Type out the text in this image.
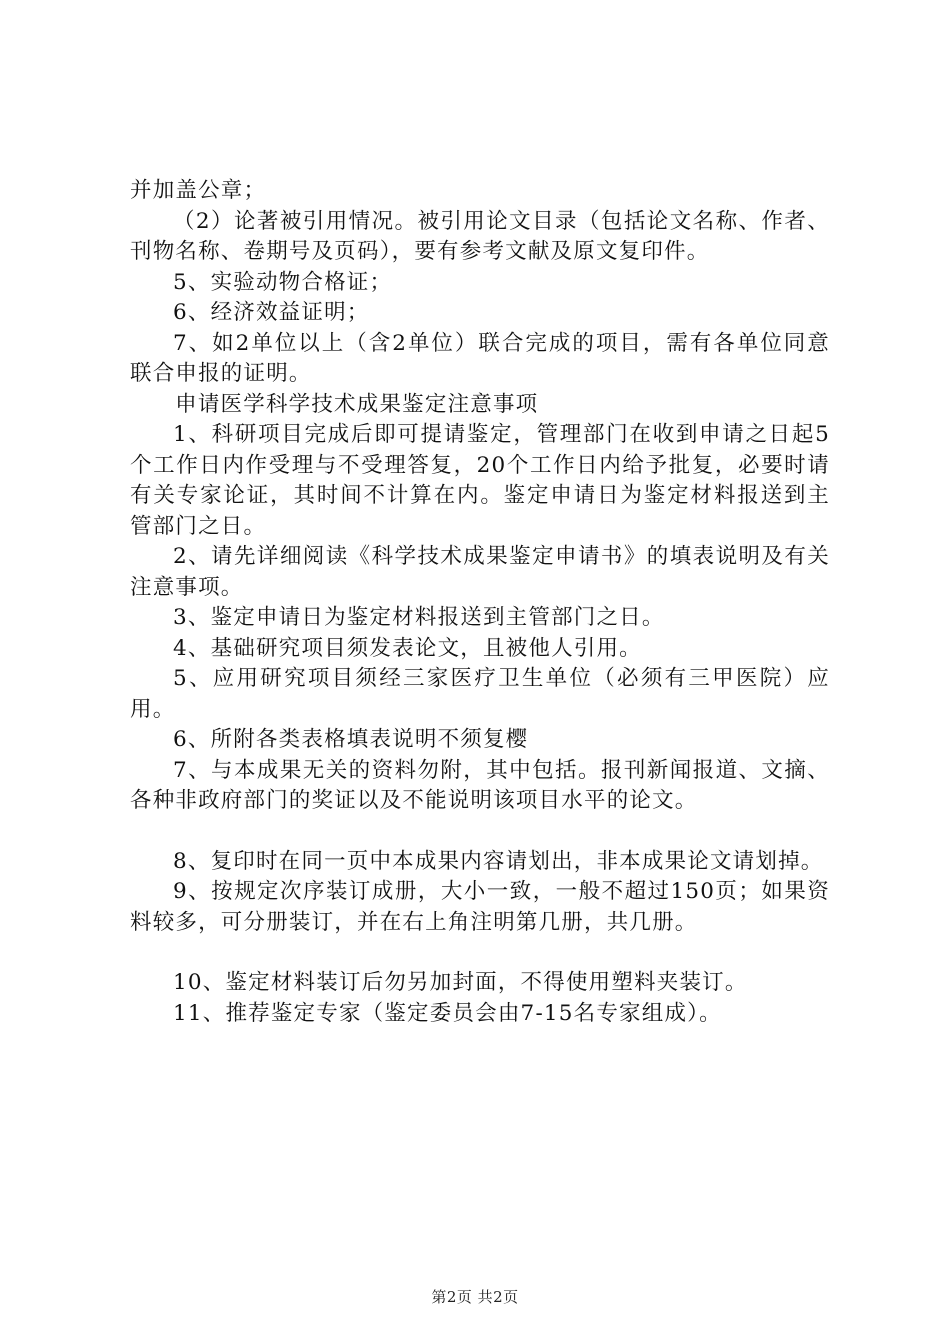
并加盖公章；

（2）论著被引用情况。被引用论文目录（包括论文名称、作者、刊物名称、卷期号及页码），要有参考文献及原文复印件。

5、实验动物合格证；

6、经济效益证明；

7、如2单位以上（含2单位）联合完成的项目，需有各单位同意联合申报的证明。

申请医学科学技术成果鉴定注意事项

1、科研项目完成后即可提请鉴定，管理部门在收到申请之日起5个工作日内作受理与不受理答复，20个工作日内给予批复，必要时请有关专家论证，其时间不计算在内。鉴定申请日为鉴定材料报送到主管部门之日。

2、请先详细阅读《科学技术成果鉴定申请书》的填表说明及有关注意事项。

3、鉴定申请日为鉴定材料报送到主管部门之日。

4、基础研究项目须发表论文，且被他人引用。

5、应用研究项目须经三家医疗卫生单位（必须有三甲医院）应用。

6、所附各类表格填表说明不须复樱

7、与本成果无关的资料勿附，其中包括。报刊新闻报道、文摘、各种非政府部门的奖证以及不能说明该项目水平的论文。

8、复印时在同一页中本成果内容请划出，非本成果论文请划掉。

9、按规定次序装订成册，大小一致，一般不超过150页；如果资料较多，可分册装订，并在右上角注明第几册，共几册。

10、鉴定材料装订后勿另加封面，不得使用塑料夹装订。

11、推荐鉴定专家（鉴定委员会由7-15名专家组成）。

第2页 共2页
